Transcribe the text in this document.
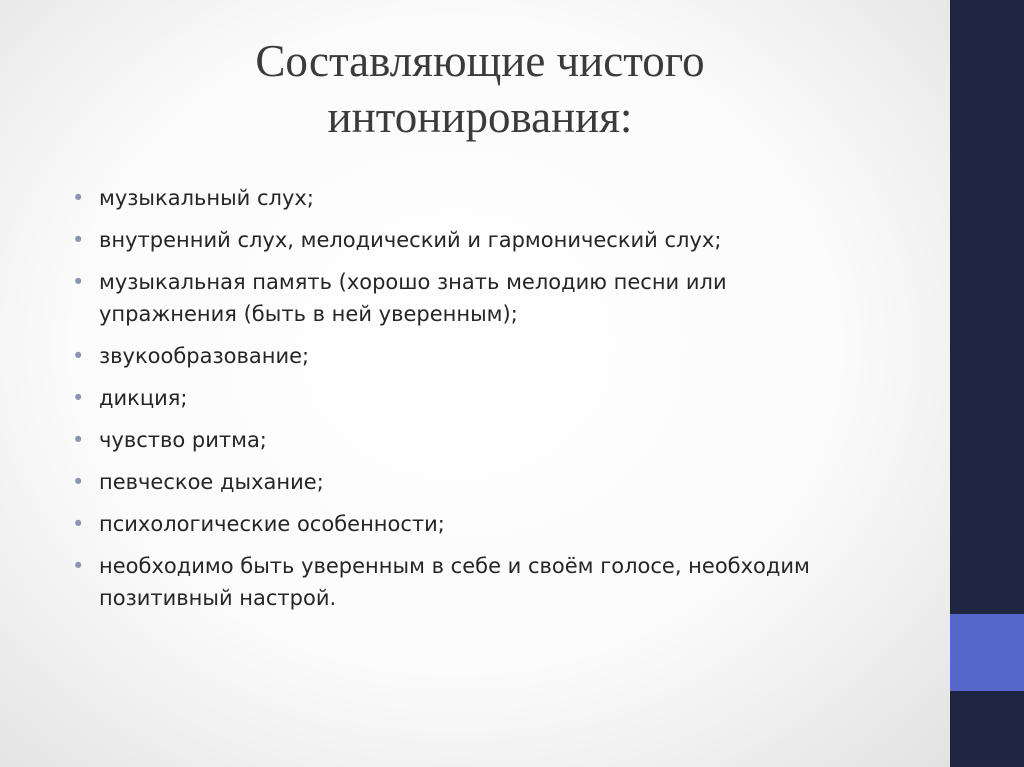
Составляющие чистого
интонирования:
• музыкальный слух;
• внутренний слух, мелодический и гармонический слух;
• музыкальная память (хорошо знать мелодию песни или упражнения (быть в ней уверенным);
• звукообразование;
• дикция;
• чувство ритма;
• певческое дыхание;
• психологические особенности;
• необходимо быть уверенным в себе и своём голосе, необходим позитивный настрой.
